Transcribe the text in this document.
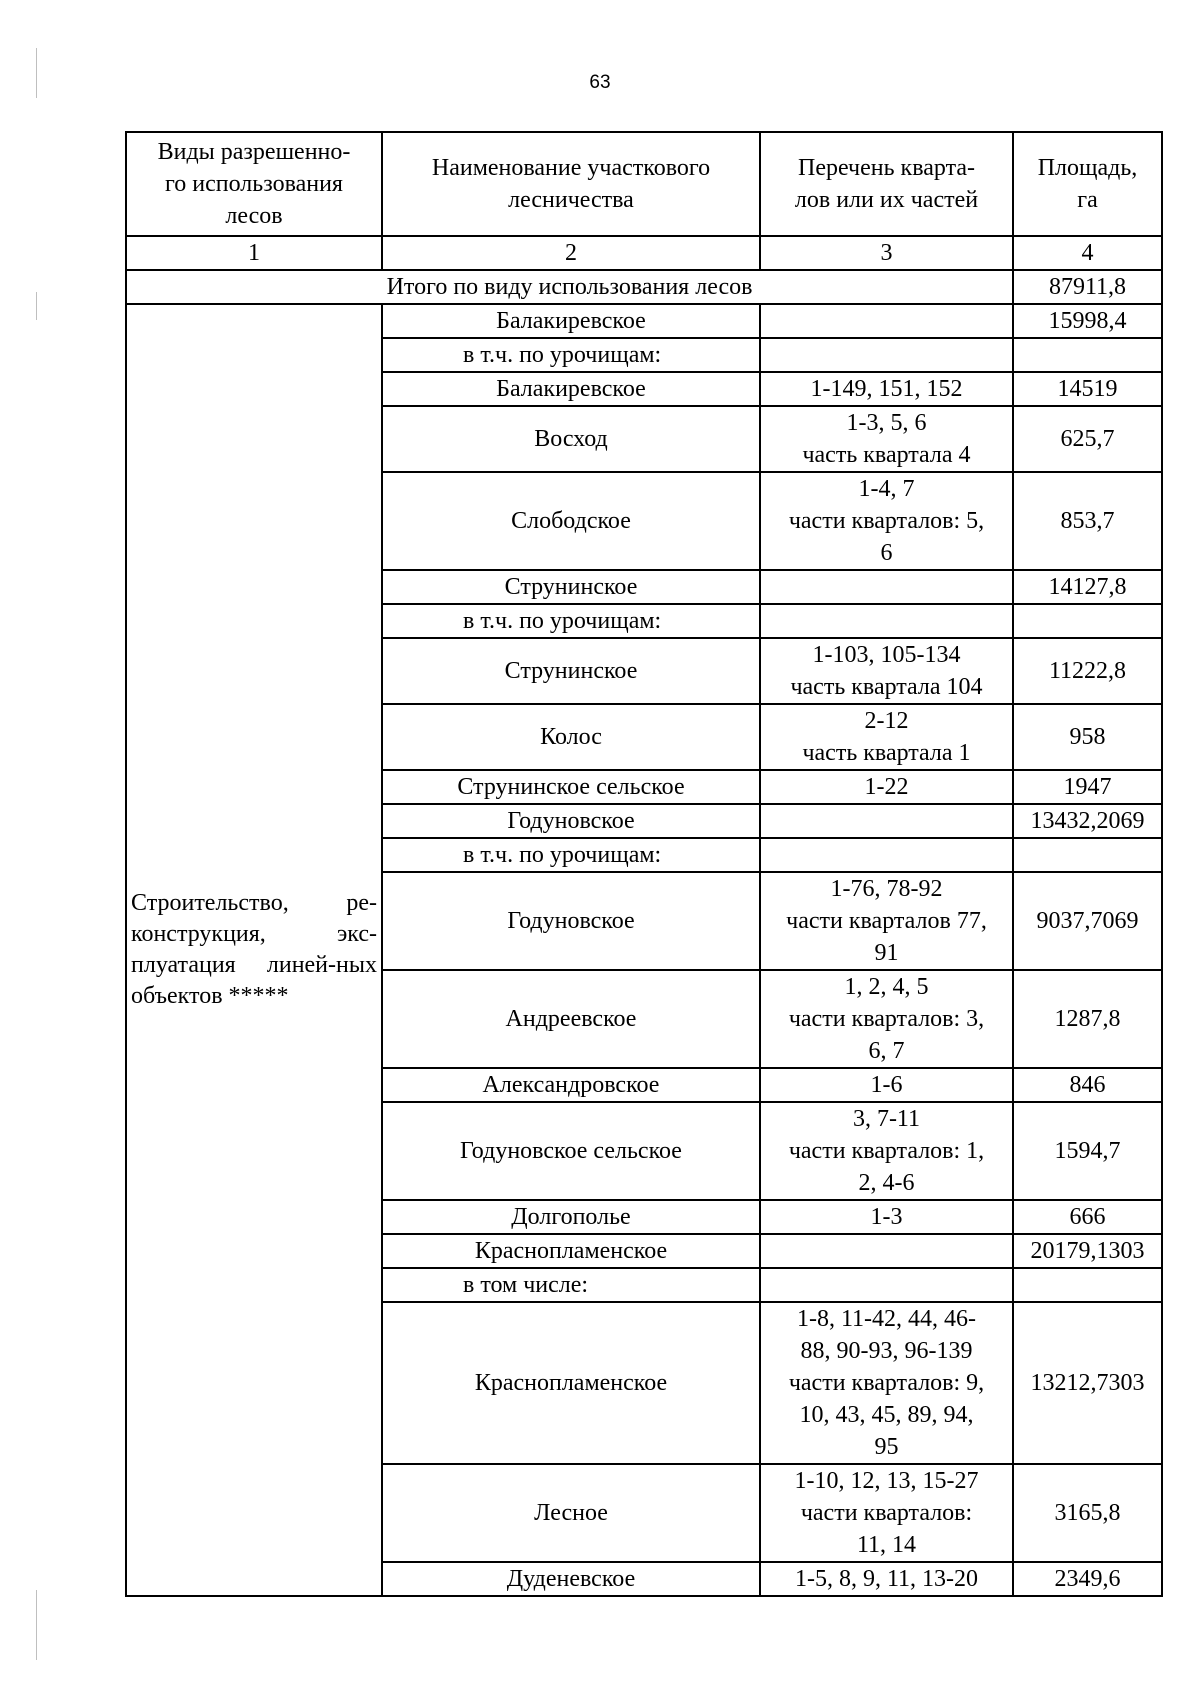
63
Виды разрешенно-
го использования
лесов	Наименование участкового
лесничества	Перечень кварта-
лов или их частей	Площадь,
га
1	2	3	4
Итого по виду использования лесов			87911,8
Строительство, ре-конструкция, экс-плуатация линей-ных объектов *****	Балакиревское		15998,4
	в т.ч. по урочищам:		
	Балакиревское	1-149, 151, 152	14519
	Восход	1-3, 5, 6
часть квартала 4	625,7
	Слободское	1-4, 7
части кварталов: 5,
6	853,7
	Струнинское		14127,8
	в т.ч. по урочищам:		
	Струнинское	1-103, 105-134
часть квартала 104	11222,8
	Колос	2-12
часть квартала 1	958
	Струнинское сельское	1-22	1947
	Годуновское		13432,2069
	в т.ч. по урочищам:		
	Годуновское	1-76, 78-92
части кварталов 77,
91	9037,7069
	Андреевское	1, 2, 4, 5
части кварталов: 3,
6, 7	1287,8
	Александровское	1-6	846
	Годуновское сельское	3, 7-11
части кварталов: 1,
2, 4-6	1594,7
	Долгополье	1-3	666
	Краснопламенское		20179,1303
	в том числе:		
	Краснопламенское	1-8, 11-42, 44, 46-
88, 90-93, 96-139
части кварталов: 9,
10, 43, 45, 89, 94,
95	13212,7303
	Лесное	1-10, 12, 13, 15-27
части кварталов:
11, 14	3165,8
	Дуденевское	1-5, 8, 9, 11, 13-20	2349,6
